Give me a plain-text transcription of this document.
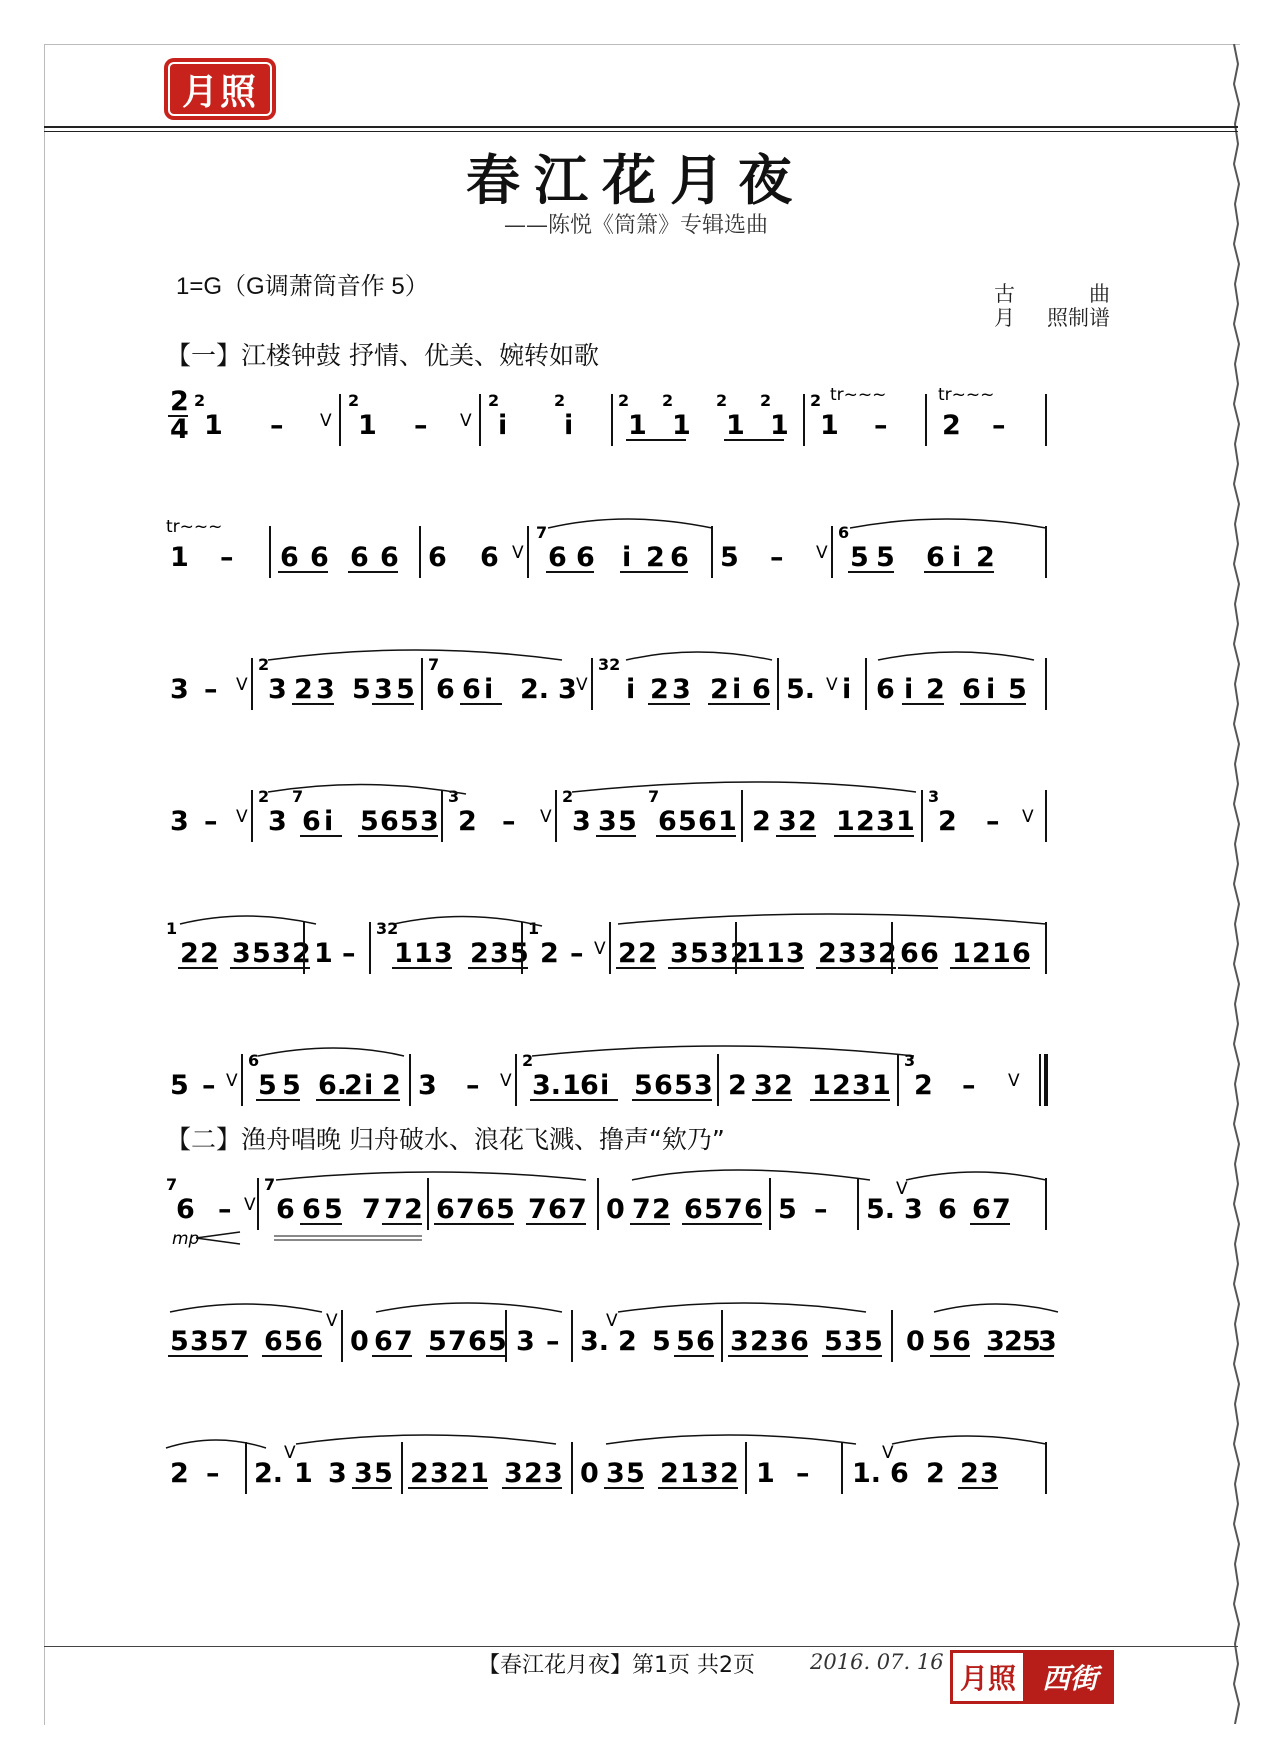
月照
春江花月夜
——陈悦《筒箫》专辑选曲
1=G（G调萧筒音作 5）	古	曲
月 照制谱
【一】江楼钟鼓 抒情、优美、婉转如歌
2
4
2
1 – V
2
1 – V
2
i
2
i
2
1
2
1
2
1
2
1
2
1
tr~~~
–
tr~~~
2 –
tr~~~
1 – 6 6 6 6 6 6 V
7
6 6 i 2 6 5 – V
6
5 5 6 i 2
3 – V
2
3 2 3 5 3 5
7
6 6 i 2. 3 V
32
i 2 3 2 i 6 5. V i 6 i 2 6 i 5
3 – V
2
3
7
6 i 5 6 5 3
3
2 – V
2
3 3 5
7
6 5 6 1 2 3 2 1 2 3 1
3
2 – V
1
2 2 3 5 3 2 1 –
32
1 1 3 2 3 5
1
2 – V 2 2 3 5 3 2
1 1 3 2 3 3 2 6 6 1 2 1 6
5 – V
6
5 5 6.
2 i 2 3 – V
2
3. 1 6 i 5 6 5 3 2 3 2 1 2 3 1
3
2 – V
【二】渔舟唱晚 归舟破水、浪花飞溅、撸声“欸乃”
7
6 – V
mp
7
6 6 5 7 7 2 6 7 6 5 7 6 7 0 7 2 6 5 7 6 5 – 5.
V
3 6 6 7
5 3 5 7 6 5 6
V
0 6 7 5 7 6 5 3 – 3.
V
2 5 5 6 3 2 3 6 5 3 5 0 5 6 3 2 5
3
2 – 2.
V
1 3 3 5 2 3 2 1 3 2 3 0 3 5 2 1 3 2 1 – 1.
V
6 2 2 3
【春江花月夜】第1页 共2页	2016. 07. 16 月照 西街
